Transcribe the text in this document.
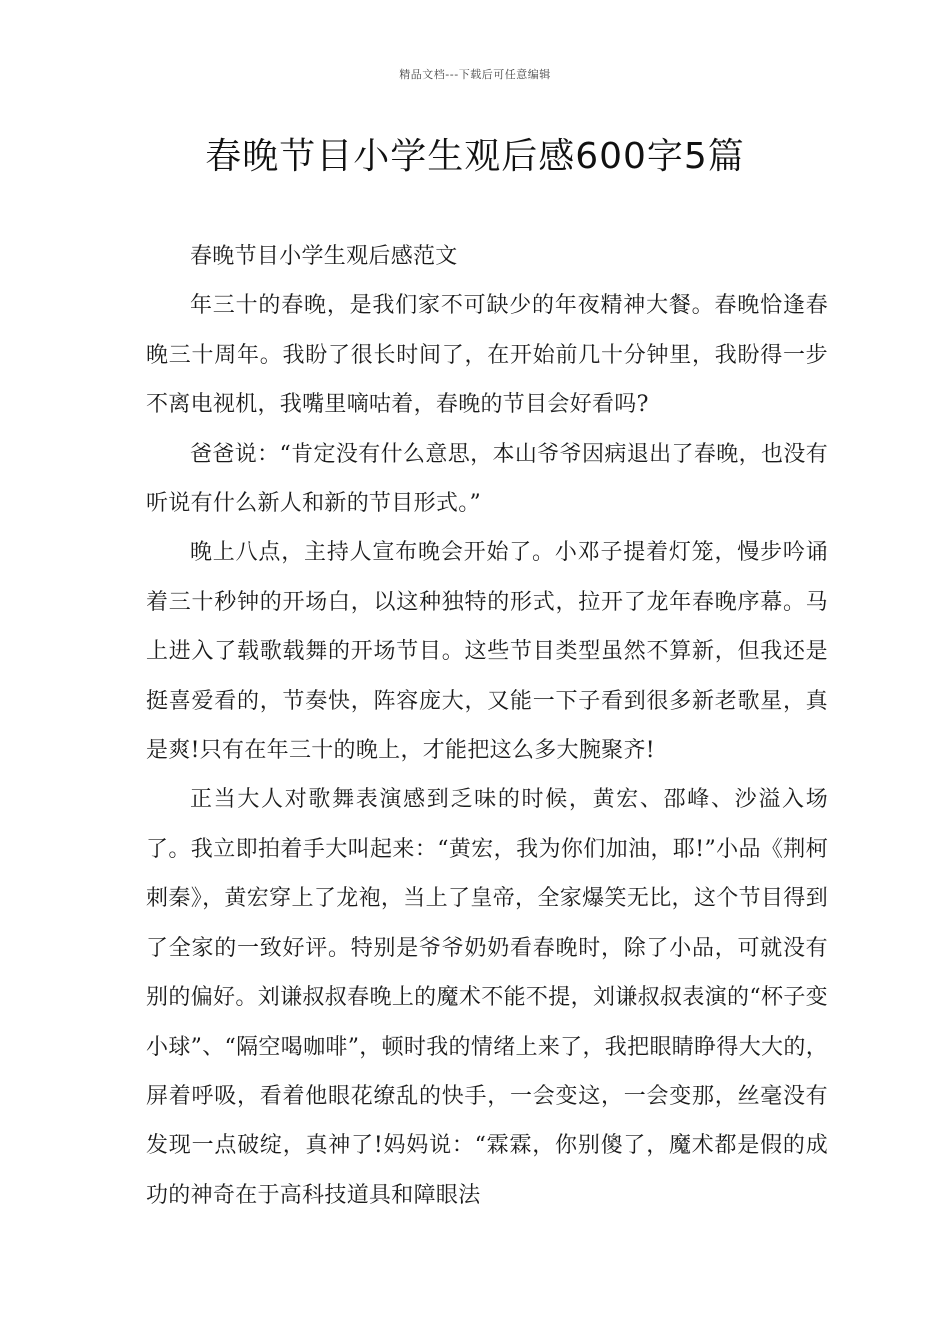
精品文档---下载后可任意编辑
春晚节目小学生观后感600字5篇

春晚节目小学生观后感范文

年三十的春晚，是我们家不可缺少的年夜精神大餐。春晚恰逢春晚三十周年。我盼了很长时间了，在开始前几十分钟里，我盼得一步不离电视机，我嘴里嘀咕着，春晚的节目会好看吗?

爸爸说：“肯定没有什么意思，本山爷爷因病退出了春晚，也没有听说有什么新人和新的节目形式。”

晚上八点，主持人宣布晚会开始了。小邓子提着灯笼，慢步吟诵着三十秒钟的开场白，以这种独特的形式，拉开了龙年春晚序幕。马上进入了载歌载舞的开场节目。这些节目类型虽然不算新，但我还是挺喜爱看的，节奏快，阵容庞大，又能一下子看到很多新老歌星，真是爽!只有在年三十的晚上，才能把这么多大腕聚齐!

正当大人对歌舞表演感到乏味的时候，黄宏、邵峰、沙溢入场了。我立即拍着手大叫起来：“黄宏，我为你们加油，耶!”小品《荆柯刺秦》，黄宏穿上了龙袍，当上了皇帝，全家爆笑无比，这个节目得到了全家的一致好评。特别是爷爷奶奶看春晚时，除了小品，可就没有别的偏好。刘谦叔叔春晚上的魔术不能不提，刘谦叔叔表演的“杯子变小球”、“隔空喝咖啡”，顿时我的情绪上来了，我把眼睛睁得大大的，屏着呼吸，看着他眼花缭乱的快手，一会变这，一会变那，丝毫没有发现一点破绽，真神了!妈妈说：“霖霖，你别傻了，魔术都是假的成功的神奇在于高科技道具和障眼法
